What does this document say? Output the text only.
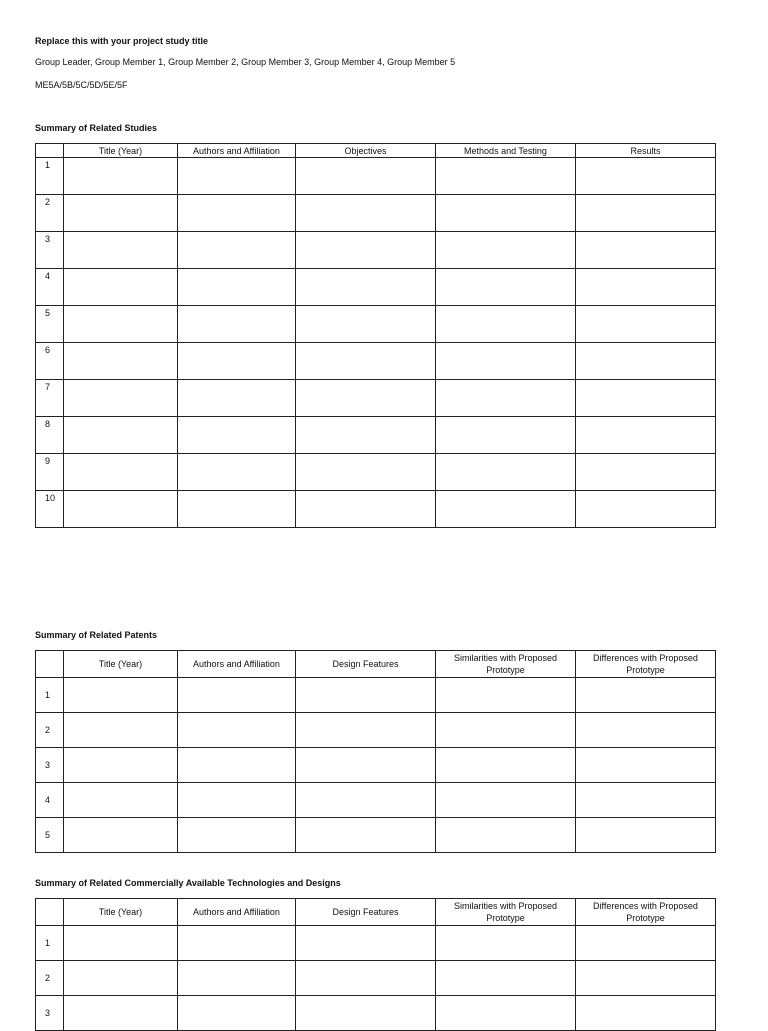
Replace this with your project study title
Group Leader, Group Member 1, Group Member 2, Group Member 3, Group Member 4, Group Member 5
ME5A/5B/5C/5D/5E/5F
Summary of Related Studies
	Title (Year)	Authors and Affiliation	Objectives	Methods and Testing	Results
1					
2					
3					
4					
5					
6					
7					
8					
9					
10					
Summary of Related Patents
	Title (Year)	Authors and Affiliation	Design Features	Similarities with Proposed Prototype	Differences with Proposed Prototype
1					
2					
3					
4					
5					
Summary of Related Commercially Available Technologies and Designs
	Title (Year)	Authors and Affiliation	Design Features	Similarities with Proposed Prototype	Differences with Proposed Prototype
1					
2					
3					
